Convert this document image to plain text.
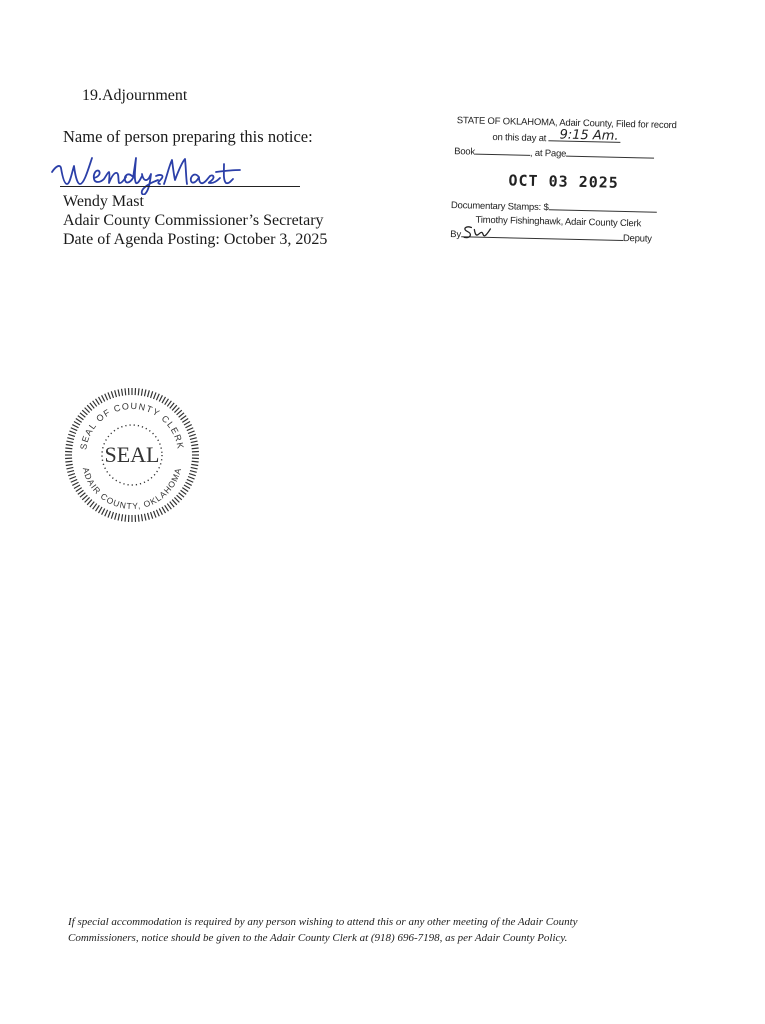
19.Adjournment
Name of person preparing this notice:
Wendy Mast
Adair County Commissioner’s Secretary
Date of Agenda Posting: October 3, 2025
STATE OF OKLAHOMA, Adair County, Filed for record
on this day at	9:15 Am.
Book	, at Page
OCT 03 2025
Documentary Stamps: $
Timothy Fishinghawk, Adair County Clerk
By	Deputy
SEAL OF COUNTY CLERK
ADAIR COUNTY, OKLAHOMA
SEAL
If special accommodation is required by any person wishing to attend this or any other meeting of the Adair County
Commissioners, notice should be given to the Adair County Clerk at (918) 696-7198, as per Adair County Policy.
